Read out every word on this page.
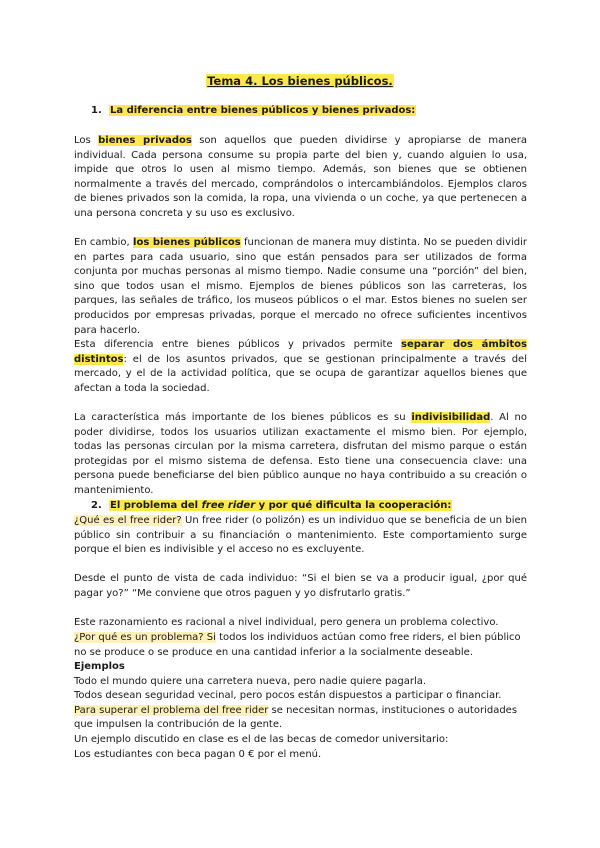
Tema 4. Los bienes públicos.
1. La diferencia entre bienes públicos y bienes privados:

Los bienes privados son aquellos que pueden dividirse y apropiarse de manera individual. Cada persona consume su propia parte del bien y, cuando alguien lo usa, impide que otros lo usen al mismo tiempo. Además, son bienes que se obtienen normalmente a través del mercado, comprándolos o intercambiándolos. Ejemplos claros de bienes privados son la comida, la ropa, una vivienda o un coche, ya que pertenecen a una persona concreta y su uso es exclusivo.

En cambio, los bienes públicos funcionan de manera muy distinta. No se pueden dividir en partes para cada usuario, sino que están pensados para ser utilizados de forma conjunta por muchas personas al mismo tiempo. Nadie consume una “porción” del bien, sino que todos usan el mismo. Ejemplos de bienes públicos son las carreteras, los parques, las señales de tráfico, los museos públicos o el mar. Estos bienes no suelen ser producidos por empresas privadas, porque el mercado no ofrece suficientes incentivos para hacerlo.

Esta diferencia entre bienes públicos y privados permite separar dos ámbitos distintos: el de los asuntos privados, que se gestionan principalmente a través del mercado, y el de la actividad política, que se ocupa de garantizar aquellos bienes que afectan a toda la sociedad.

La característica más importante de los bienes públicos es su indivisibilidad. Al no poder dividirse, todos los usuarios utilizan exactamente el mismo bien. Por ejemplo, todas las personas circulan por la misma carretera, disfrutan del mismo parque o están protegidas por el mismo sistema de defensa. Esto tiene una consecuencia clave: una persona puede beneficiarse del bien público aunque no haya contribuido a su creación o mantenimiento.

2. El problema del free rider y por qué dificulta la cooperación:

¿Qué es el free rider? Un free rider (o polizón) es un individuo que se beneficia de un bien público sin contribuir a su financiación o mantenimiento. Este comportamiento surge porque el bien es indivisible y el acceso no es excluyente.

Desde el punto de vista de cada individuo: “Si el bien se va a producir igual, ¿por qué pagar yo?” “Me conviene que otros paguen y yo disfrutarlo gratis.”

Este razonamiento es racional a nivel individual, pero genera un problema colectivo.

¿Por qué es un problema? Si todos los individuos actúan como free riders, el bien público no se produce o se produce en una cantidad inferior a la socialmente deseable.

Ejemplos
Todo el mundo quiere una carretera nueva, pero nadie quiere pagarla.
Todos desean seguridad vecinal, pero pocos están dispuestos a participar o financiar.

Para superar el problema del free rider se necesitan normas, instituciones o autoridades que impulsen la contribución de la gente.

Un ejemplo discutido en clase es el de las becas de comedor universitario:
Los estudiantes con beca pagan 0 € por el menú.
